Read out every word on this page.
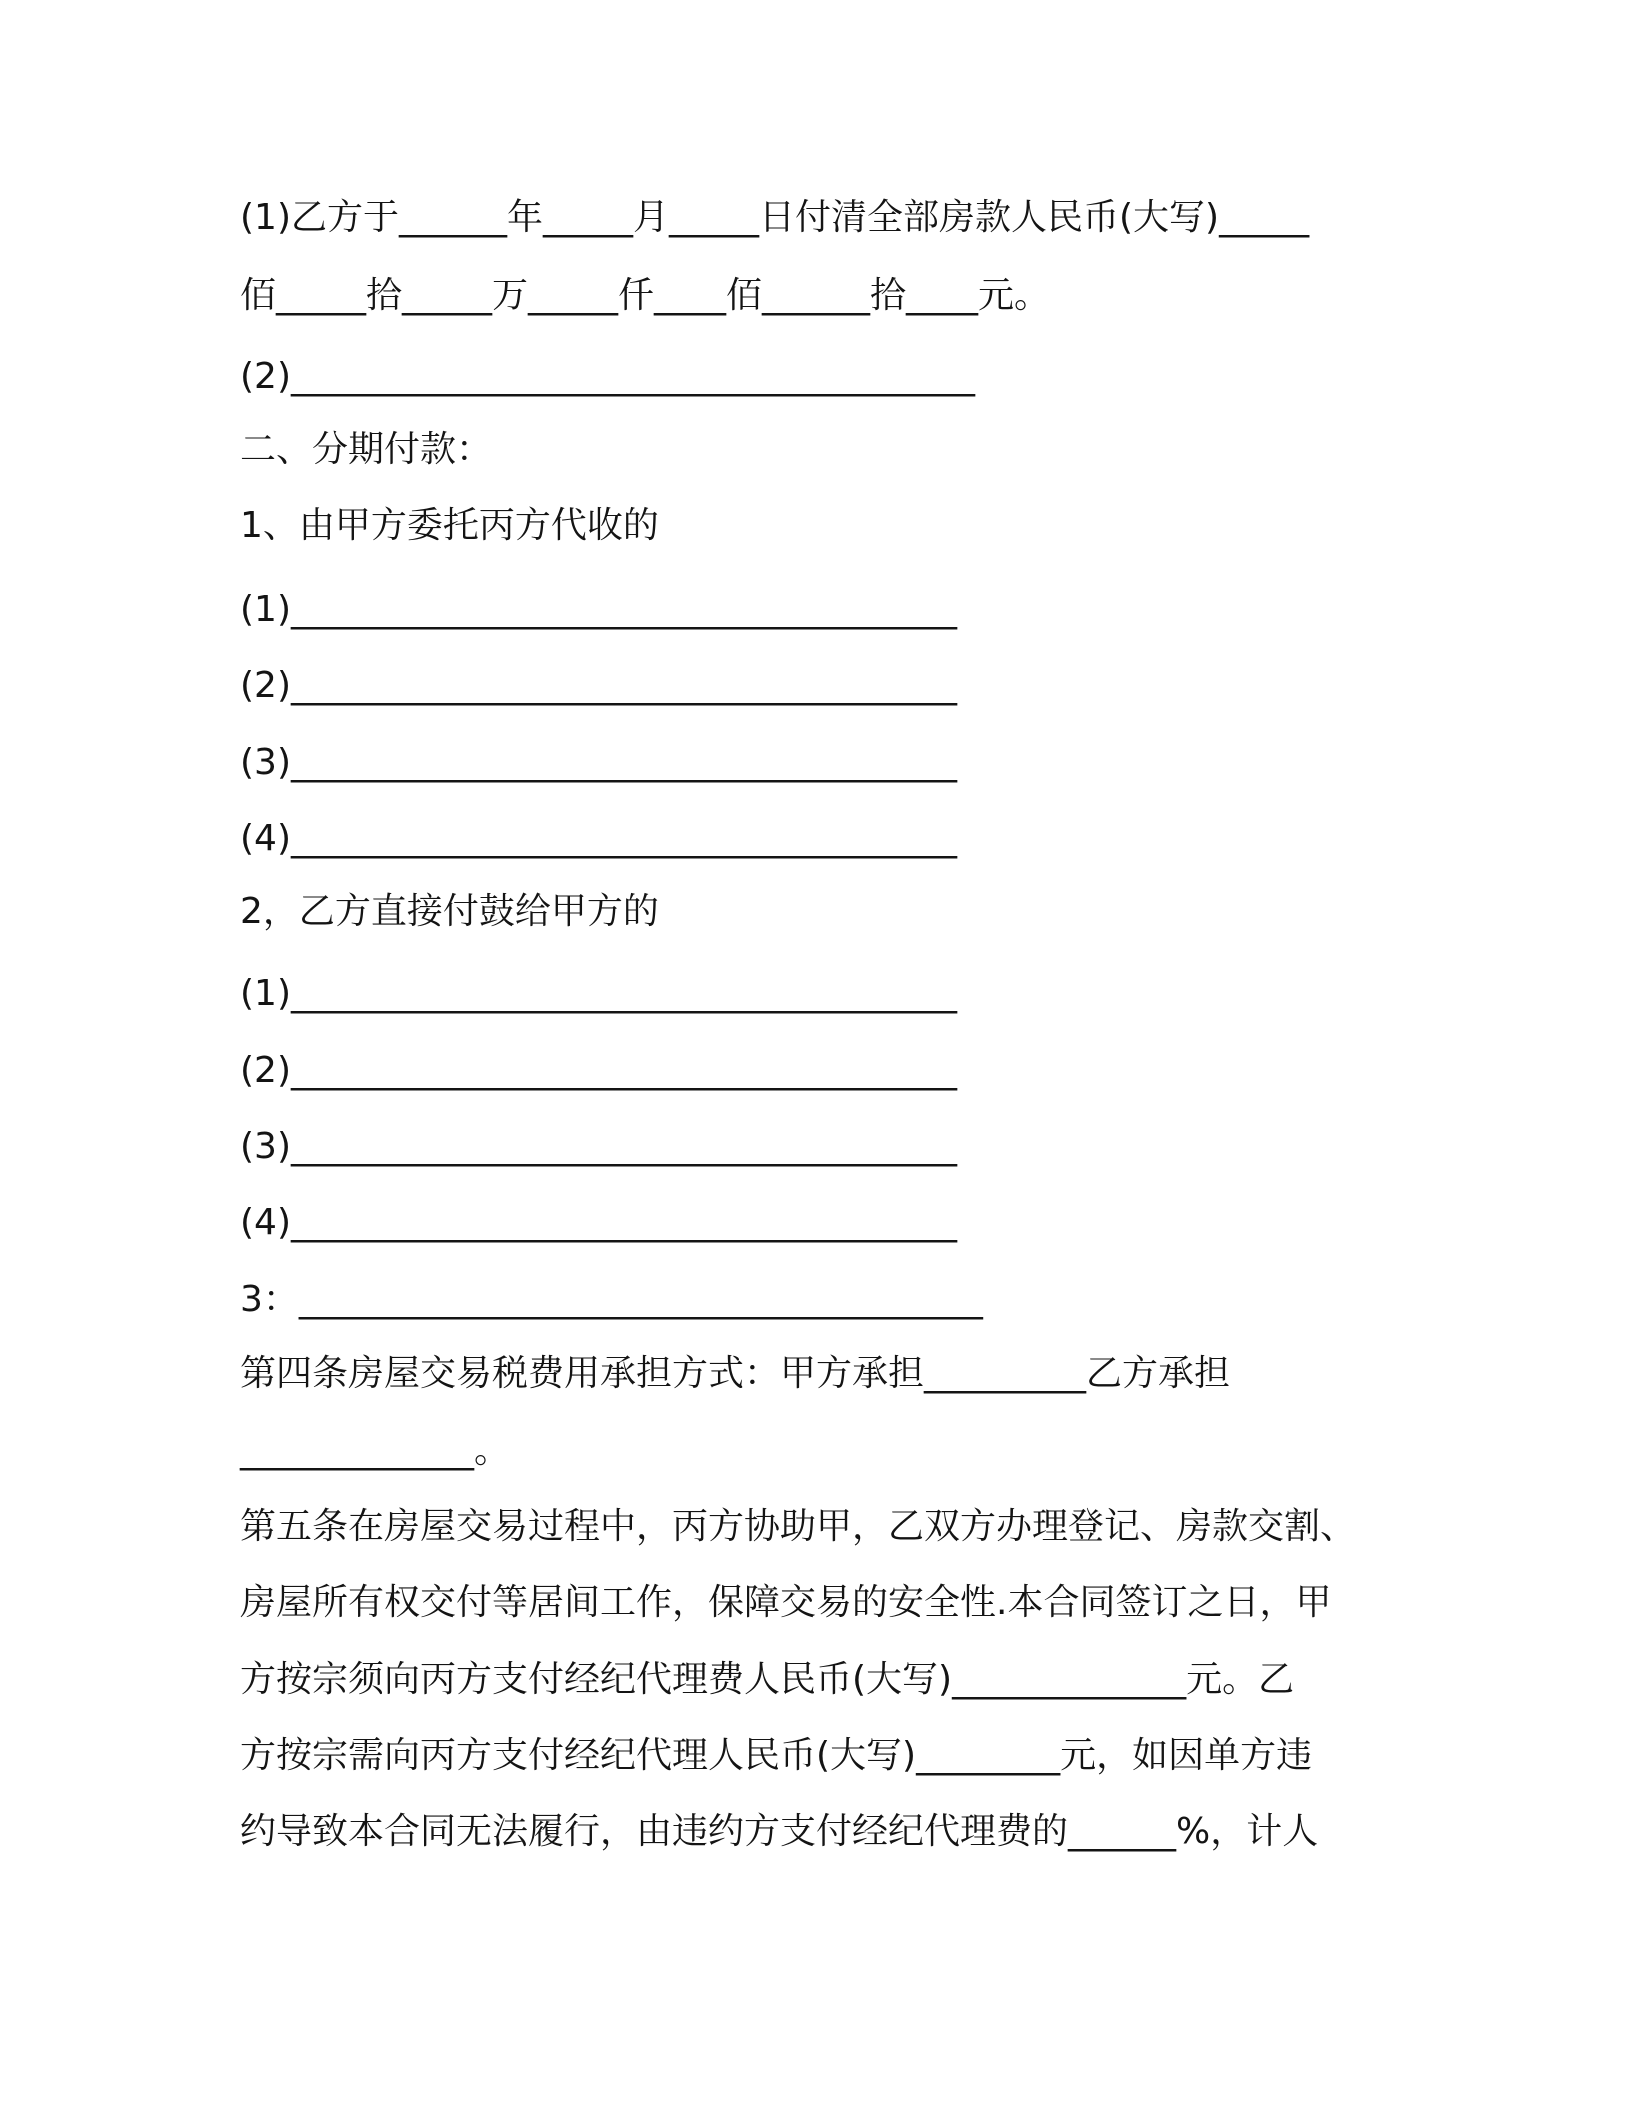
(1)乙方于______年_____月_____日付清全部房款人民币(大写)_____
佰_____拾_____万_____仟____佰______拾____元。
(2)______________________________________
二、分期付款：
1、由甲方委托丙方代收的
(1)_____________________________________
(2)_____________________________________
(3)_____________________________________
(4)_____________________________________
2，乙方直接付鼓给甲方的
(1)_____________________________________
(2)_____________________________________
(3)_____________________________________
(4)_____________________________________
3：______________________________________
第四条房屋交易税费用承担方式：甲方承担_________乙方承担
_____________。
第五条在房屋交易过程中，丙方协助甲，乙双方办理登记、房款交割、
房屋所有权交付等居间工作，保障交易的安全性.本合同签订之日，甲
方按宗须向丙方支付经纪代理费人民币(大写)_____________元。乙
方按宗需向丙方支付经纪代理人民币(大写)________元，如因单方违
约导致本合同无法履行，由违约方支付经纪代理费的______%，计人
